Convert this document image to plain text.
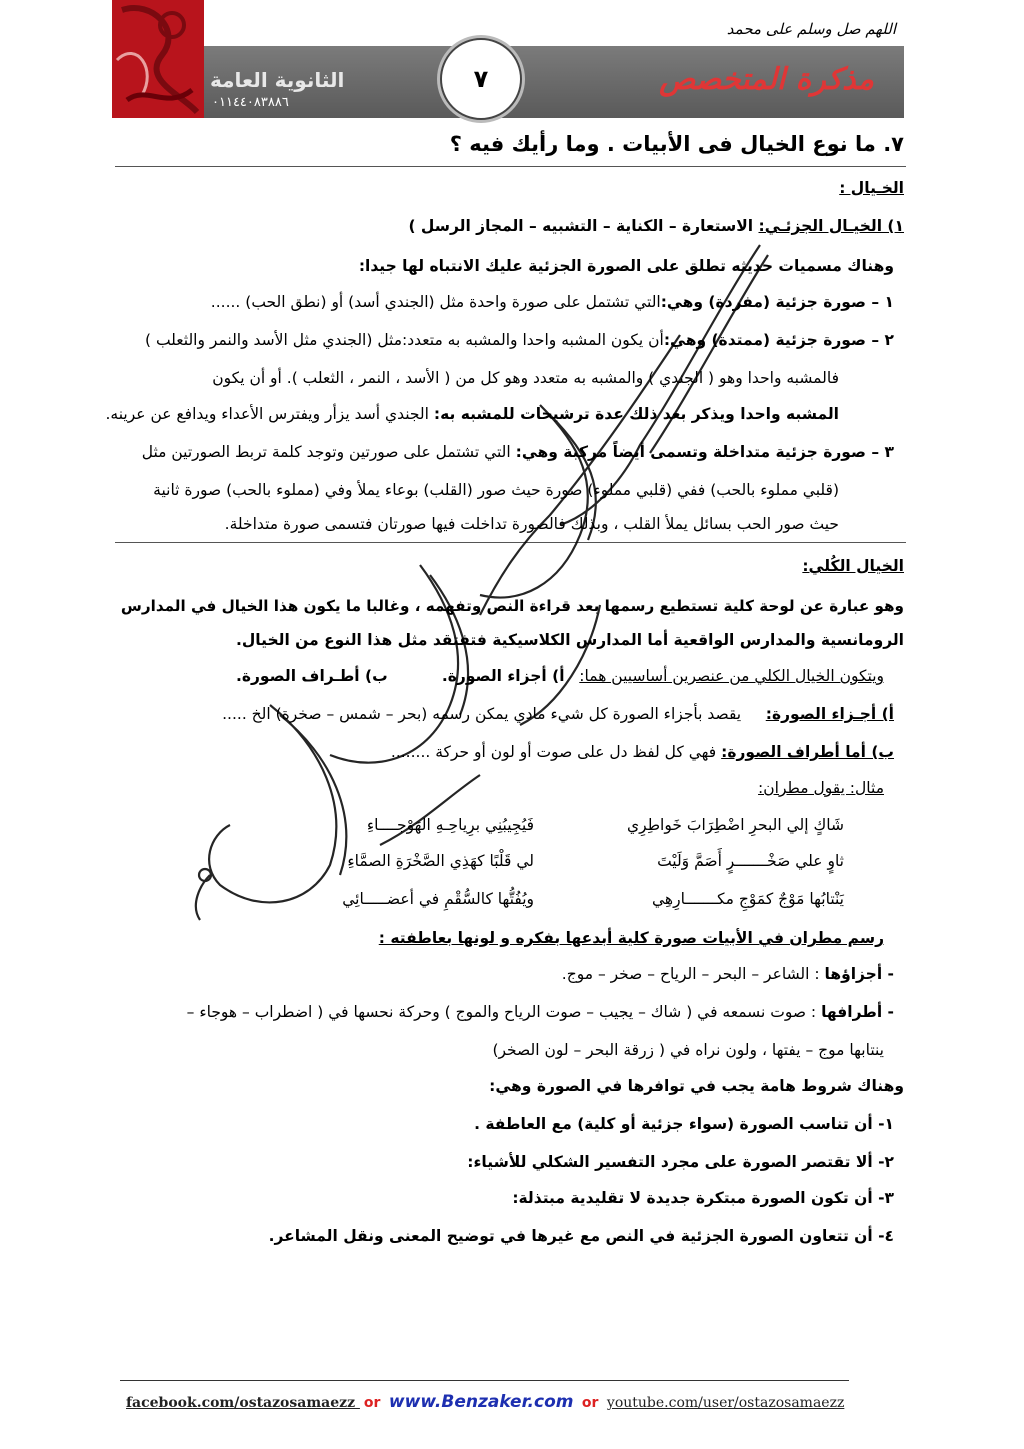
اللهم صل وسلم على محمد
الثانوية العامة
٠١١٤٤٠٨٣٨٨٦
٧	مذكرة المتخصص
٧. ما نوع الخيال فى الأبيات . وما رأيك فيه ؟
الخـيال :
١) الخيـال الجزئـي: الاستعارة – الكناية – التشبيه – المجاز الرسل )
وهناك مسميات حديثه تطلق على الصورة الجزئية عليك الانتباه لها جيدا:
١ – صورة جزئية (مفردة) وهي:التي تشتمل على صورة واحدة مثل (الجندي أسد) أو (نطق الحب) ......
٢ – صورة جزئية (ممتدة) وهي:أن يكون المشبه واحدا والمشبه به متعدد:مثل (الجندي مثل الأسد والنمر والثعلب )
فالمشبه واحدا وهو ( الجندي ) والمشبه به متعدد وهو كل من ( الأسد ، النمر ، الثعلب ). أو أن يكون
المشبه واحدا ويذكر بعد ذلك عدة ترشيحات للمشبه به: الجندي أسد يزأر ويفترس الأعداء ويدافع عن عرينه.
٣ – صورة جزئية متداخلة وتسمى أيضاً مركبة وهي: التي تشتمل على صورتين وتوجد كلمة تربط الصورتين مثل
(قلبي مملوء بالحب) ففي (قلبي مملوء) صورة حيث صور (القلب) بوعاء يملأ وفي (مملوء بالحب) صورة ثانية
حيث صور الحب بسائل يملأ القلب ، وبذلك فالصورة تداخلت فيها صورتان فتسمى صورة متداخلة.
الخيال الكُلي:
وهو عبارة عن لوحة كلية تستطيع رسمها بعد قراءة النص وتفهمه ، وغالبا ما يكون هذا الخيال في المدارس
الرومانسية والمدارس الواقعية أما المدارس الكلاسيكية فتفتقد مثل هذا النوع من الخيال.
ويتكون الخيال الكلي من عنصرين أساسيين هما:   أ) أجزاء الصورة.           ب) أطـراف الصورة.
أ) أجـزاء الصورة:     يقصد بأجزاء الصورة كل شيء مادي يمكن رسمه (بحر – شمس – صخرة) الخ .....
ب) أما أطراف الصورة: فهي كل لفظ دل على صوت أو لون أو حركة ........
مثال: يقول مطران:
شَاكٍ إلي البحرِ اضْطِرَابَ خَواطِرِي
فَيُجِيبُنِي برِياحِـهِ الهَوْجــــاءِ
ثاوٍ علي صَخْـــــــرٍ أَصَمَّ وَلَيْتَ
لي قَلْبًا كهَذِي الصَّخْرَةِ الصمَّاءِ
يَنْتابُها مَوْجٌ كمَوْجِ مكـــــــارِهِي
ويُفُتُّها كالسُّقْمِ في أعضـــــائِي
رسم مطران في الأبيات صورة كلية أبدعها بفكره و لونها بعاطفته :
- أجزاؤها : الشاعر – البحر – الرياح – صخر – موج.
- أطرافها : صوت نسمعه في ( شاك – يجيب – صوت الرياح والموج ) وحركة نحسها في ( اضطراب – هوجاء –
ينتابها موج – يفتها ، ولون نراه في ( زرقة البحر – لون الصخر)
وهناك شروط هامة يجب في توافرها في الصورة وهي:
١- أن تناسب الصورة (سواء جزئية أو كلية) مع العاطفة .
٢- ألا تقتصر الصورة على مجرد التفسير الشكلي للأشياء:
٣- أن تكون الصورة مبتكرة جديدة لا تقليدية مبتذلة:
٤- أن تتعاون الصورة الجزئية في النص مع غيرها في توضيح المعنى ونقل المشاعر.
facebook.com/ostazosamaezz or www.Benzaker.com or youtube.com/user/ostazosamaezz
